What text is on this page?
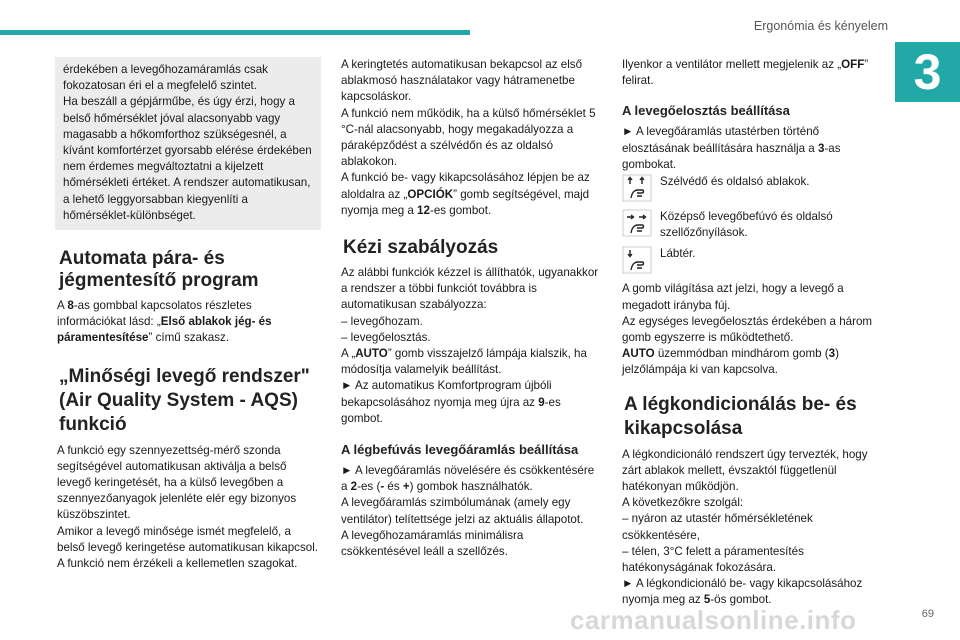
Ergonómia és kényelem
3

érdekében a levegőhozamáramlás csak fokozatosan éri el a megfelelő szintet.

Ha beszáll a gépjárműbe, és úgy érzi, hogy a belső hőmérséklet jóval alacsonyabb vagy magasabb a hőkomforthoz szükségesnél, a kívánt komfortérzet gyorsabb elérése érdekében nem érdemes megváltoztatni a kijelzett hőmérsékleti értéket. A rendszer automatikusan, a lehető leggyorsabban kiegyenlíti a hőmérséklet-különbséget.

Automata pára- és jégmentesítő program

A 8-as gombbal kapcsolatos részletes információkat lásd: „Első ablakok jég- és páramentesítése” című szakasz.

„Minőségi levegő rendszer" (Air Quality System - AQS) funkció

A funkció egy szennyezettség-mérő szonda segítségével automatikusan aktiválja a belső levegő keringetését, ha a külső levegőben a szennyezőanyagok jelenléte elér egy bizonyos küszöbszintet.

Amikor a levegő minősége ismét megfelelő, a belső levegő keringetése automatikusan kikapcsol.

A funkció nem érzékeli a kellemetlen szagokat.

A keringtetés automatikusan bekapcsol az első ablakmosó használatakor vagy hátramenetbe kapcsoláskor.

A funkció nem működik, ha a külső hőmérséklet 5 °C-nál alacsonyabb, hogy megakadályozza a páraképződést a szélvédőn és az oldalsó ablakokon.

A funkció be- vagy kikapcsolásához lépjen be az aloldalra az „OPCIÓK” gomb segítségével, majd nyomja meg a 12-es gombot.

Kézi szabályozás

Az alábbi funkciók kézzel is állíthatók, ugyanakkor a rendszer a többi funkciót továbbra is automatikusan szabályozza:

– levegőhozam.

– levegőelosztás.

A „AUTO” gomb visszajelző lámpája kialszik, ha módosítja valamelyik beállítást.

► Az automatikus Komfortprogram újbóli bekapcsolásához nyomja meg újra az 9-es gombot.

A légbefúvás levegőáramlás beállítása

► A levegőáramlás növelésére és csökkentésére a 2-es (- és +) gombok használhatók.

A levegőáramlás szimbólumának (amely egy ventilátor) telítettsége jelzi az aktuális állapotot.

A levegőhozamáramlás minimálisra csökkentésével leáll a szellőzés.

Ilyenkor a ventilátor mellett megjelenik az „OFF” felirat.

A levegőelosztás beállítása

► A levegőáramlás utastérben történő elosztásának beállítására használja a 3-as gombokat.

Szélvédő és oldalsó ablakok.
Középső levegőbefúvó és oldalsó szellőzőnyílások.
Lábtér.

A gomb világítása azt jelzi, hogy a levegő a megadott irányba fúj.

Az egységes levegőelosztás érdekében a három gomb egyszerre is működtethető.

AUTO üzemmódban mindhárom gomb (3) jelzőlámpája ki van kapcsolva.

A légkondicionálás be- és kikapcsolása

A légkondicionáló rendszert úgy tervezték, hogy zárt ablakok mellett, évszaktól függetlenül hatékonyan működjön.

A következőkre szolgál:

– nyáron az utastér hőmérsékletének csökkentésére,

– télen, 3°C felett a páramentesítés hatékonyságának fokozására.

► A légkondicionáló be- vagy kikapcsolásához nyomja meg az 5-ös gombot.

carmanualsonline.info	69
